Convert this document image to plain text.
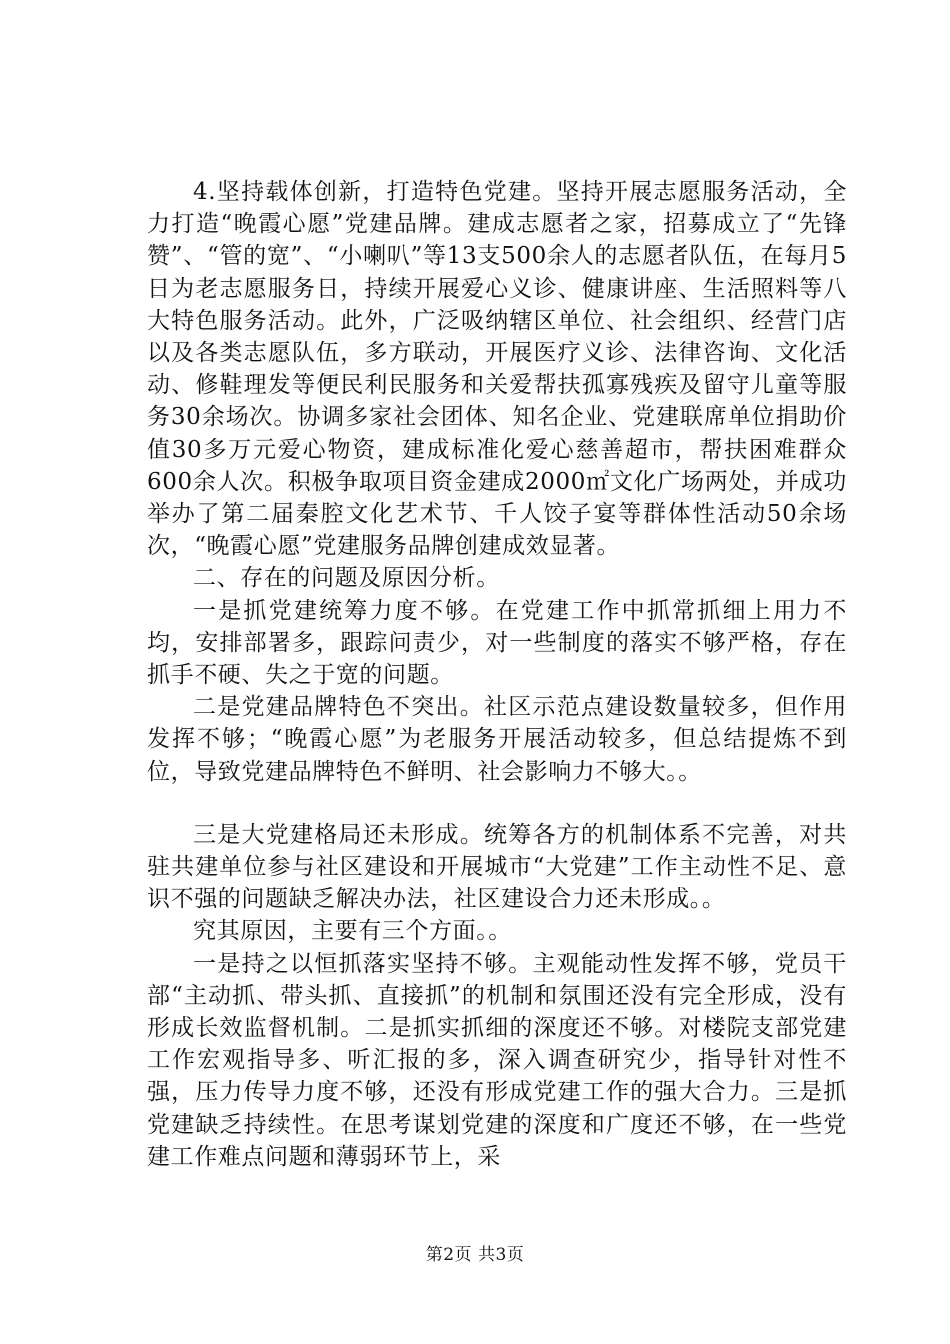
4.坚持载体创新，打造特色党建。坚持开展志愿服务活动，全力打造“晚霞心愿”党建品牌。建成志愿者之家，招募成立了“先锋赞”、“管的宽”、“小喇叭”等13支500余人的志愿者队伍，在每月5日为老志愿服务日，持续开展爱心义诊、健康讲座、生活照料等八大特色服务活动。此外，广泛吸纳辖区单位、社会组织、经营门店以及各类志愿队伍，多方联动，开展医疗义诊、法律咨询、文化活动、修鞋理发等便民利民服务和关爱帮扶孤寡残疾及留守儿童等服务30余场次。协调多家社会团体、知名企业、党建联席单位捐助价值30多万元爱心物资，建成标准化爱心慈善超市，帮扶困难群众600余人次。积极争取项目资金建成2000㎡文化广场两处，并成功举办了第二届秦腔文化艺术节、千人饺子宴等群体性活动50余场次，“晚霞心愿”党建服务品牌创建成效显著。

二、存在的问题及原因分析。

一是抓党建统筹力度不够。在党建工作中抓常抓细上用力不均，安排部署多，跟踪问责少，对一些制度的落实不够严格，存在抓手不硬、失之于宽的问题。

二是党建品牌特色不突出。社区示范点建设数量较多，但作用发挥不够；“晚霞心愿”为老服务开展活动较多，但总结提炼不到位，导致党建品牌特色不鲜明、社会影响力不够大。。

三是大党建格局还未形成。统筹各方的机制体系不完善，对共驻共建单位参与社区建设和开展城市“大党建”工作主动性不足、意识不强的问题缺乏解决办法，社区建设合力还未形成。。

究其原因，主要有三个方面。。

一是持之以恒抓落实坚持不够。主观能动性发挥不够，党员干部“主动抓、带头抓、直接抓”的机制和氛围还没有完全形成，没有形成长效监督机制。二是抓实抓细的深度还不够。对楼院支部党建工作宏观指导多、听汇报的多，深入调查研究少，指导针对性不强，压力传导力度不够，还没有形成党建工作的强大合力。三是抓党建缺乏持续性。在思考谋划党建的深度和广度还不够，在一些党建工作难点问题和薄弱环节上，采

第2页 共3页
